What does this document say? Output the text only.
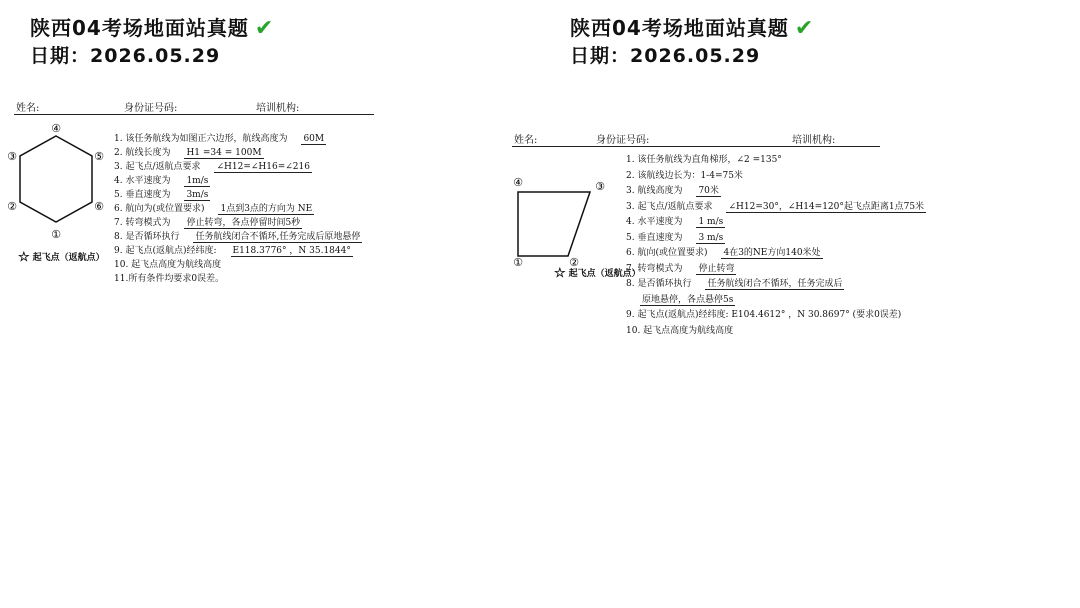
陕西04考场地面站真题 ✔
日期：2026.05.29
姓名:	身份证号码:	培训机构:
④
⑤
⑥
①
②
③
☆ 起飞点（返航点）
1. 该任务航线为如图正六边形，航线高度为 60M
2. 航线长度为 H1 =34 = 100M
3. 起飞点/返航点要求 ∠H12=∠H16=∠216
4. 水平速度为 1m/s
5. 垂直速度为 3m/s
6. 航向为(或位置要求) 1点到3点的方向为 NE
7. 转弯模式为 停止转弯，各点停留时间5秒
8. 是否循环执行 任务航线闭合不循环,任务完成后原地悬停
9. 起飞点(返航点)经纬度: E118.3776° ，N 35.1844°
10. 起飞点高度为航线高度
11.所有条件均要求0误差。
陕西04考场地面站真题 ✔
日期：2026.05.29
姓名:	身份证号码:	培训机构:
④	③
②
①
☆ 起飞点（返航点）
1. 该任务航线为直角梯形，∠2 =135°
2. 该航线边长为：1-4=75米
3. 航线高度为 70米
3. 起飞点/返航点要求 ∠H12=30°，∠H14=120°起飞点距离1点75米
4. 水平速度为 1 m/s
5. 垂直速度为 3 m/s
6. 航向(或位置要求) 4在3的NE方向140米处
7. 转弯模式为 停止转弯
8. 是否循环执行 任务航线闭合不循环，任务完成后
原地悬停，各点悬停5s
9. 起飞点(返航点)经纬度: E104.4612° ，N 30.8697° (要求0误差)
10. 起飞点高度为航线高度
